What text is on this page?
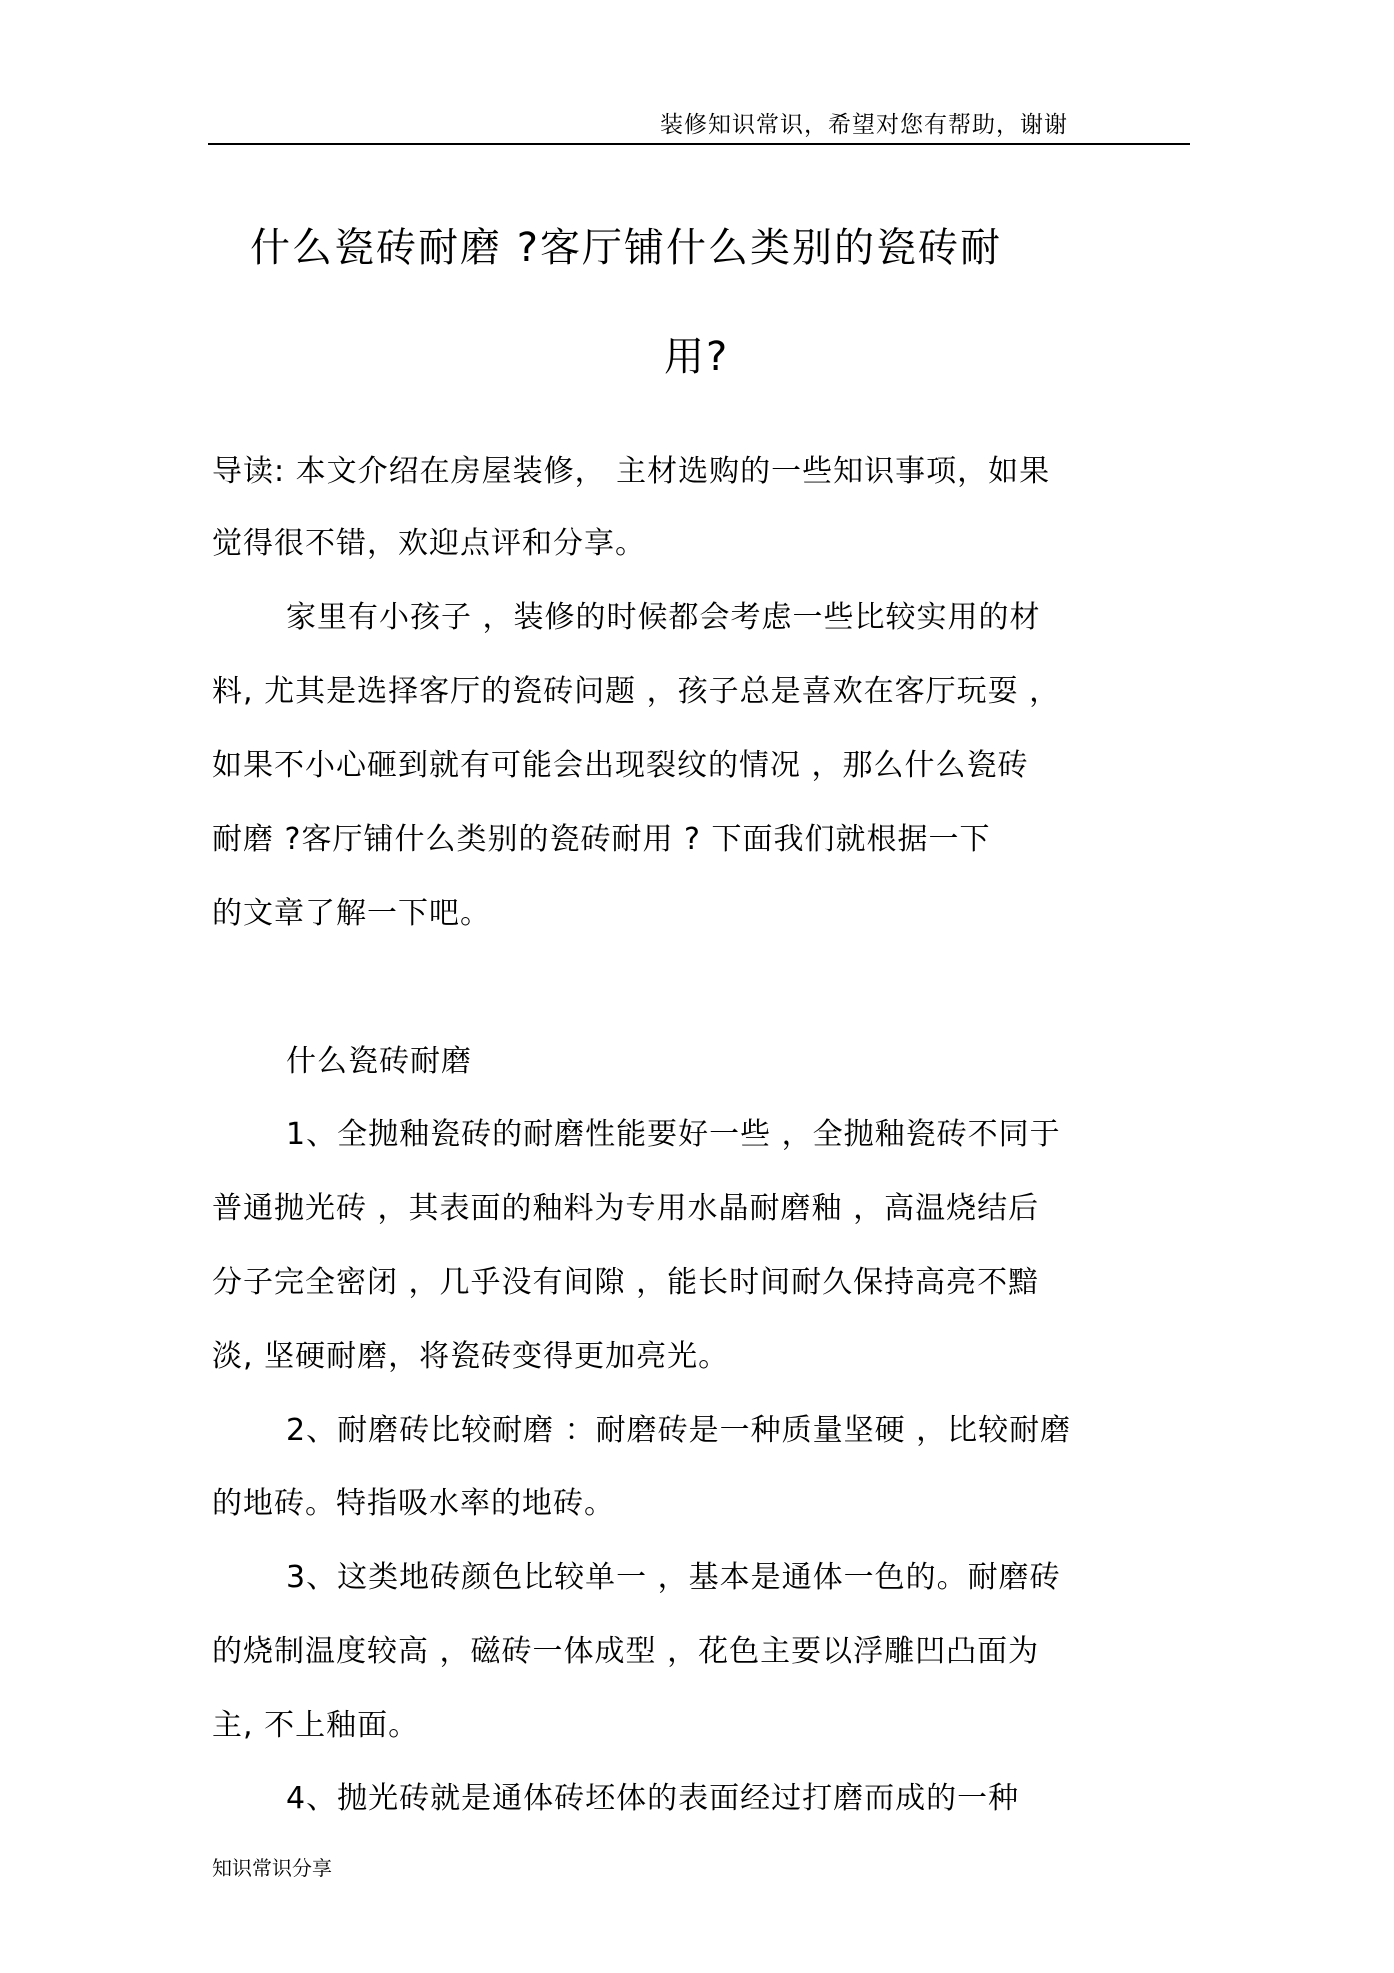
装修知识常识，希望对您有帮助，谢谢
什么瓷砖耐磨 ?客厅铺什么类别的瓷砖耐
用?
导读: 本文介绍在房屋装修， 主材选购的一些知识事项，如果
觉得很不错，欢迎点评和分享。
家里有小孩子 ，装修的时候都会考虑一些比较实用的材
料, 尤其是选择客厅的瓷砖问题 ，孩子总是喜欢在客厅玩耍 ，
如果不小心砸到就有可能会出现裂纹的情况 ，那么什么瓷砖
耐磨 ?客厅铺什么类别的瓷砖耐用 ? 下面我们就根据一下
的文章了解一下吧。
什么瓷砖耐磨
1、全抛釉瓷砖的耐磨性能要好一些 ，全抛釉瓷砖不同于
普通抛光砖 ，其表面的釉料为专用水晶耐磨釉 ，高温烧结后
分子完全密闭 ，几乎没有间隙 ，能长时间耐久保持高亮不黯
淡, 坚硬耐磨，将瓷砖变得更加亮光。
2、耐磨砖比较耐磨 ：耐磨砖是一种质量坚硬 ，比较耐磨
的地砖。特指吸水率的地砖。
3、这类地砖颜色比较单一 ，基本是通体一色的。耐磨砖
的烧制温度较高 ，磁砖一体成型 ，花色主要以浮雕凹凸面为
主, 不上釉面。
4、抛光砖就是通体砖坯体的表面经过打磨而成的一种
知识常识分享
